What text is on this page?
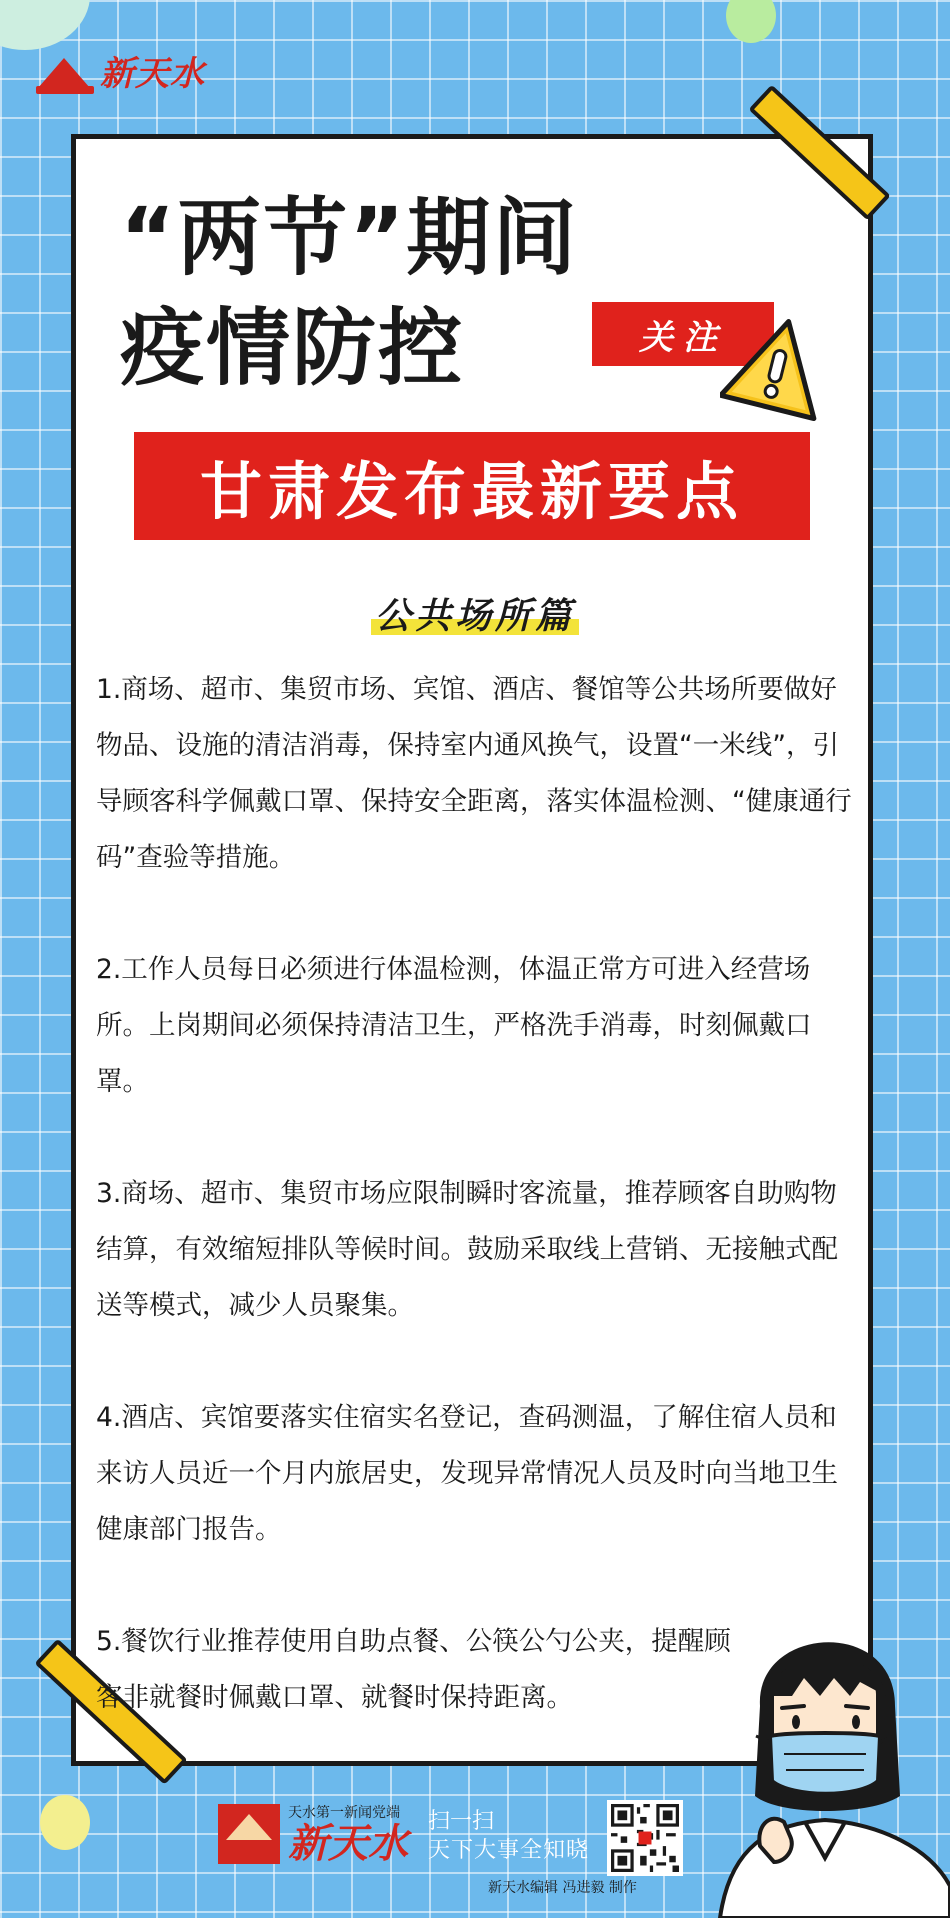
新天水
“两节”期间
疫情防控	关注
甘肃发布最新要点
公共场所篇
1.商场、超市、集贸市场、宾馆、酒店、餐馆等公共场所要做好物品、设施的清洁消毒，保持室内通风换气，设置“一米线”，引导顾客科学佩戴口罩、保持安全距离，落实体温检测、“健康通行码”查验等措施。
2.工作人员每日必须进行体温检测，体温正常方可进入经营场所。上岗期间必须保持清洁卫生，严格洗手消毒，时刻佩戴口罩。
3.商场、超市、集贸市场应限制瞬时客流量，推荐顾客自助购物结算，有效缩短排队等候时间。鼓励采取线上营销、无接触式配送等模式，减少人员聚集。
4.酒店、宾馆要落实住宿实名登记，查码测温，了解住宿人员和来访人员近一个月内旅居史，发现异常情况人员及时向当地卫生健康部门报告。
5.餐饮行业推荐使用自助点餐、公筷公勺公夹，提醒顾客非就餐时佩戴口罩、就餐时保持距离。
天水第一新闻党端
新天水 扫一扫
天下大事全知晓
新天水编辑 冯进毅 制作
